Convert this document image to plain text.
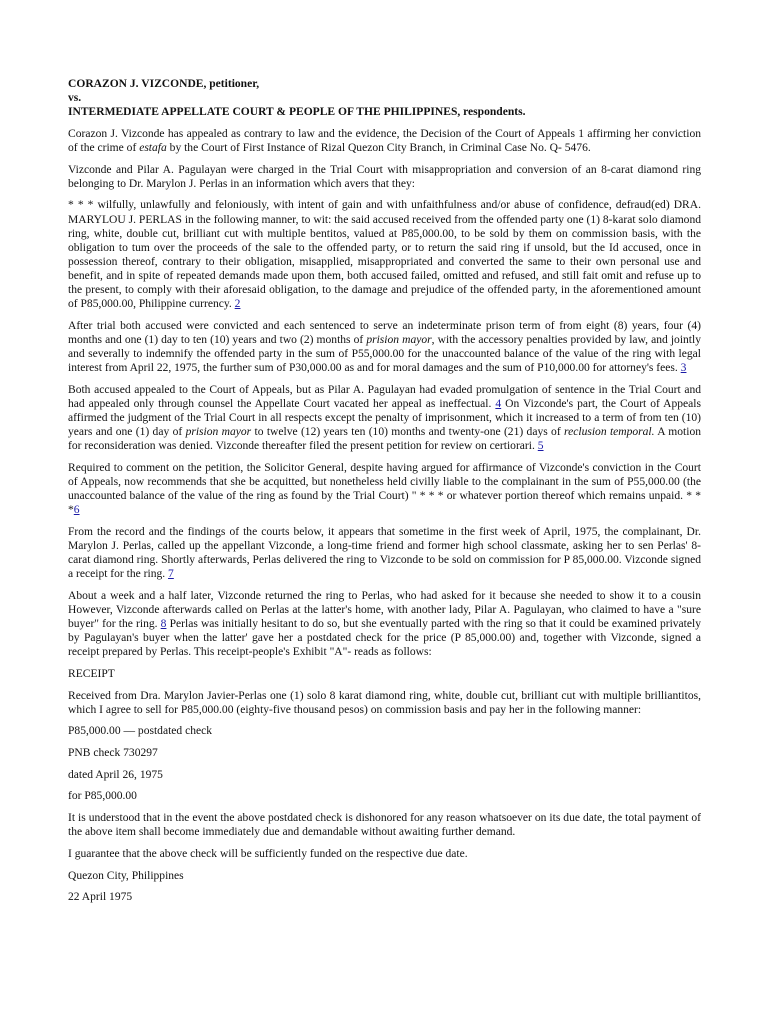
CORAZON J. VIZCONDE, petitioner,

vs.

INTERMEDIATE APPELLATE COURT & PEOPLE OF THE PHILIPPINES, respondents.

Corazon J. Vizconde has appealed as contrary to law and the evidence, the Decision of the Court of Appeals 1 affirming her conviction of the crime of estafa by the Court of First Instance of Rizal Quezon City Branch, in Criminal Case No. Q- 5476.

Vizconde and Pilar A. Pagulayan were charged in the Trial Court with misappropriation and conversion of an 8-carat diamond ring belonging to Dr. Marylon J. Perlas in an information which avers that they:

* * * wilfully, unlawfully and feloniously, with intent of gain and with unfaithfulness and/or abuse of confidence, defraud(ed) DRA. MARYLOU J. PERLAS in the following manner, to wit: the said accused received from the offended party one (1) 8-karat solo diamond ring, white, double cut, brilliant cut with multiple bentitos, valued at P85,000.00, to be sold by them on commission basis, with the obligation to tum over the proceeds of the sale to the offended party, or to return the said ring if unsold, but the Id accused, once in possession thereof, contrary to their obligation, misapplied, misappropriated and converted the same to their own personal use and benefit, and in spite of repeated demands made upon them, both accused failed, omitted and refused, and still fait omit and refuse up to the present, to comply with their aforesaid obligation, to the damage and prejudice of the offended party, in the aforementioned amount of P85,000.00, Philippine currency. 2

After trial both accused were convicted and each sentenced to serve an indeterminate prison term of from eight (8) years, four (4) months and one (1) day to ten (10) years and two (2) months of prision mayor, with the accessory penalties provided by law, and jointly and severally to indemnify the offended party in the sum of P55,000.00 for the unaccounted balance of the value of the ring with legal interest from April 22, 1975, the further sum of P30,000.00 as and for moral damages and the sum of P10,000.00 for attorney's fees. 3

Both accused appealed to the Court of Appeals, but as Pilar A. Pagulayan had evaded promulgation of sentence in the Trial Court and had appealed only through counsel the Appellate Court vacated her appeal as ineffectual. 4 On Vizconde's part, the Court of Appeals affirmed the judgment of the Trial Court in all respects except the penalty of imprisonment, which it increased to a term of from ten (10) years and one (1) day of prision mayor to twelve (12) years ten (10) months and twenty-one (21) days of reclusion temporal. A motion for reconsideration was denied. Vizconde thereafter filed the present petition for review on certiorari. 5

Required to comment on the petition, the Solicitor General, despite having argued for affirmance of Vizconde's conviction in the Court of Appeals, now recommends that she be acquitted, but nonetheless held civilly liable to the complainant in the sum of P55,000.00 (the unaccounted balance of the value of the ring as found by the Trial Court) " * * * or whatever portion thereof which remains unpaid. * * *6

From the record and the findings of the courts below, it appears that sometime in the first week of April, 1975, the complainant, Dr. Marylon J. Perlas, called up the appellant Vizconde, a long-time friend and former high school classmate, asking her to sen Perlas' 8-carat diamond ring. Shortly afterwards, Perlas delivered the ring to Vizconde to be sold on commission for P 85,000.00. Vizconde signed a receipt for the ring. 7

About a week and a half later, Vizconde returned the ring to Perlas, who had asked for it because she needed to show it to a cousin However, Vizconde afterwards called on Perlas at the latter's home, with another lady, Pilar A. Pagulayan, who claimed to have a "sure buyer" for the ring. 8 Perlas was initially hesitant to do so, but she eventually parted with the ring so that it could be examined privately by Pagulayan's buyer when the latter' gave her a postdated check for the price (P 85,000.00) and, together with Vizconde, signed a receipt prepared by Perlas. This receipt-people's Exhibit "A"- reads as follows:

RECEIPT

Received from Dra. Marylon Javier-Perlas one (1) solo 8 karat diamond ring, white, double cut, brilliant cut with multiple brilliantitos, which I agree to sell for P85,000.00 (eighty-five thousand pesos) on commission basis and pay her in the following manner:

P85,000.00 — postdated check

PNB check 730297

dated April 26, 1975

for P85,000.00

It is understood that in the event the above postdated check is dishonored for any reason whatsoever on its due date, the total payment of the above item shall become immediately due and demandable without awaiting further demand.

I guarantee that the above check will be sufficiently funded on the respective due date.

Quezon City, Philippines

22 April 1975
